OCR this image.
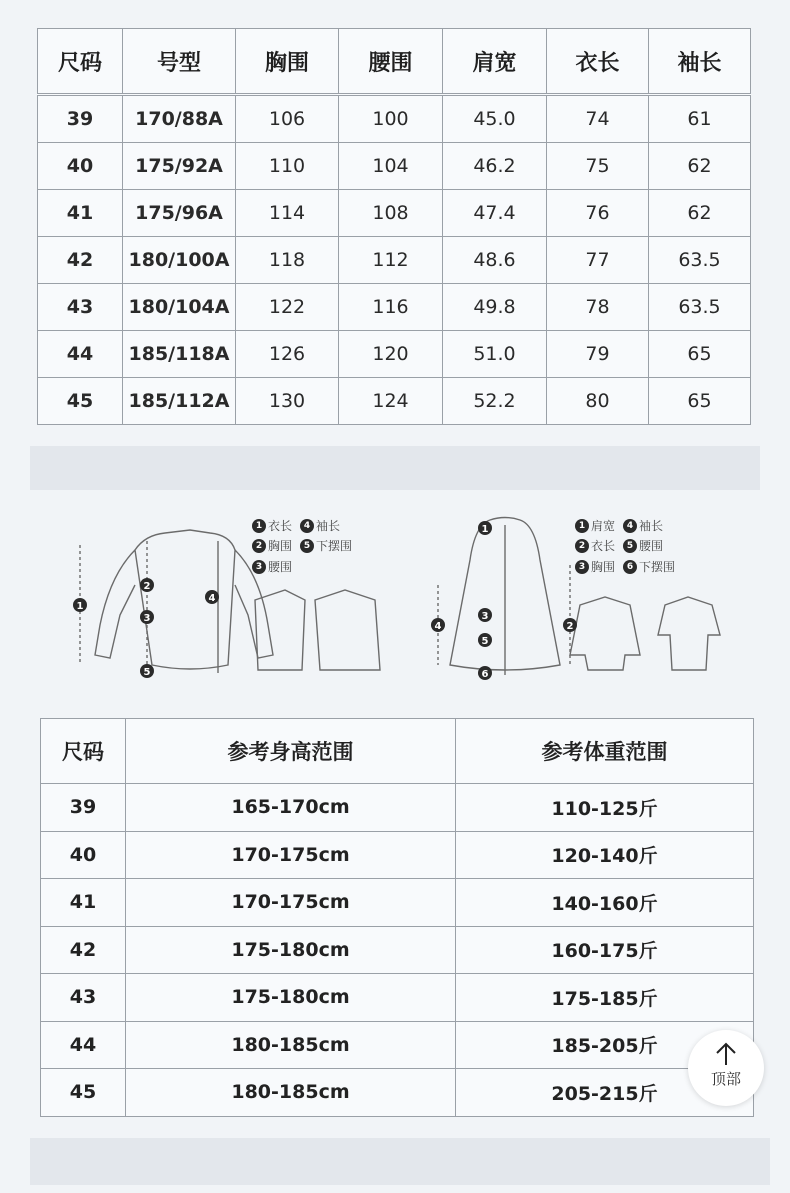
尺码	号型	胸围	腰围	肩宽	衣长	袖长
39	170/88A	106	100	45.0	74	61
40	175/92A	110	104	46.2	75	62
41	175/96A	114	108	47.4	76	62
42	180/100A	118	112	48.6	77	63.5
43	180/104A	122	116	49.8	78	63.5
44	185/118A	126	120	51.0	79	65
45	185/112A	130	124	52.2	80	65
2
3
5
1
4
1
3
5
6
4	2
1 衣长 4 袖长
2 胸围 5 下摆围
3 腰围
1 肩宽 4 袖长
2 衣长 5 腰围
3 胸围 6 下摆围
尺码	参考身高范围	参考体重范围
39	165-170cm	110-125斤
40	170-175cm	120-140斤
41	170-175cm	140-160斤
42	175-180cm	160-175斤
43	175-180cm	175-185斤
44	180-185cm	185-205斤
45	180-185cm	205-215斤
顶部
